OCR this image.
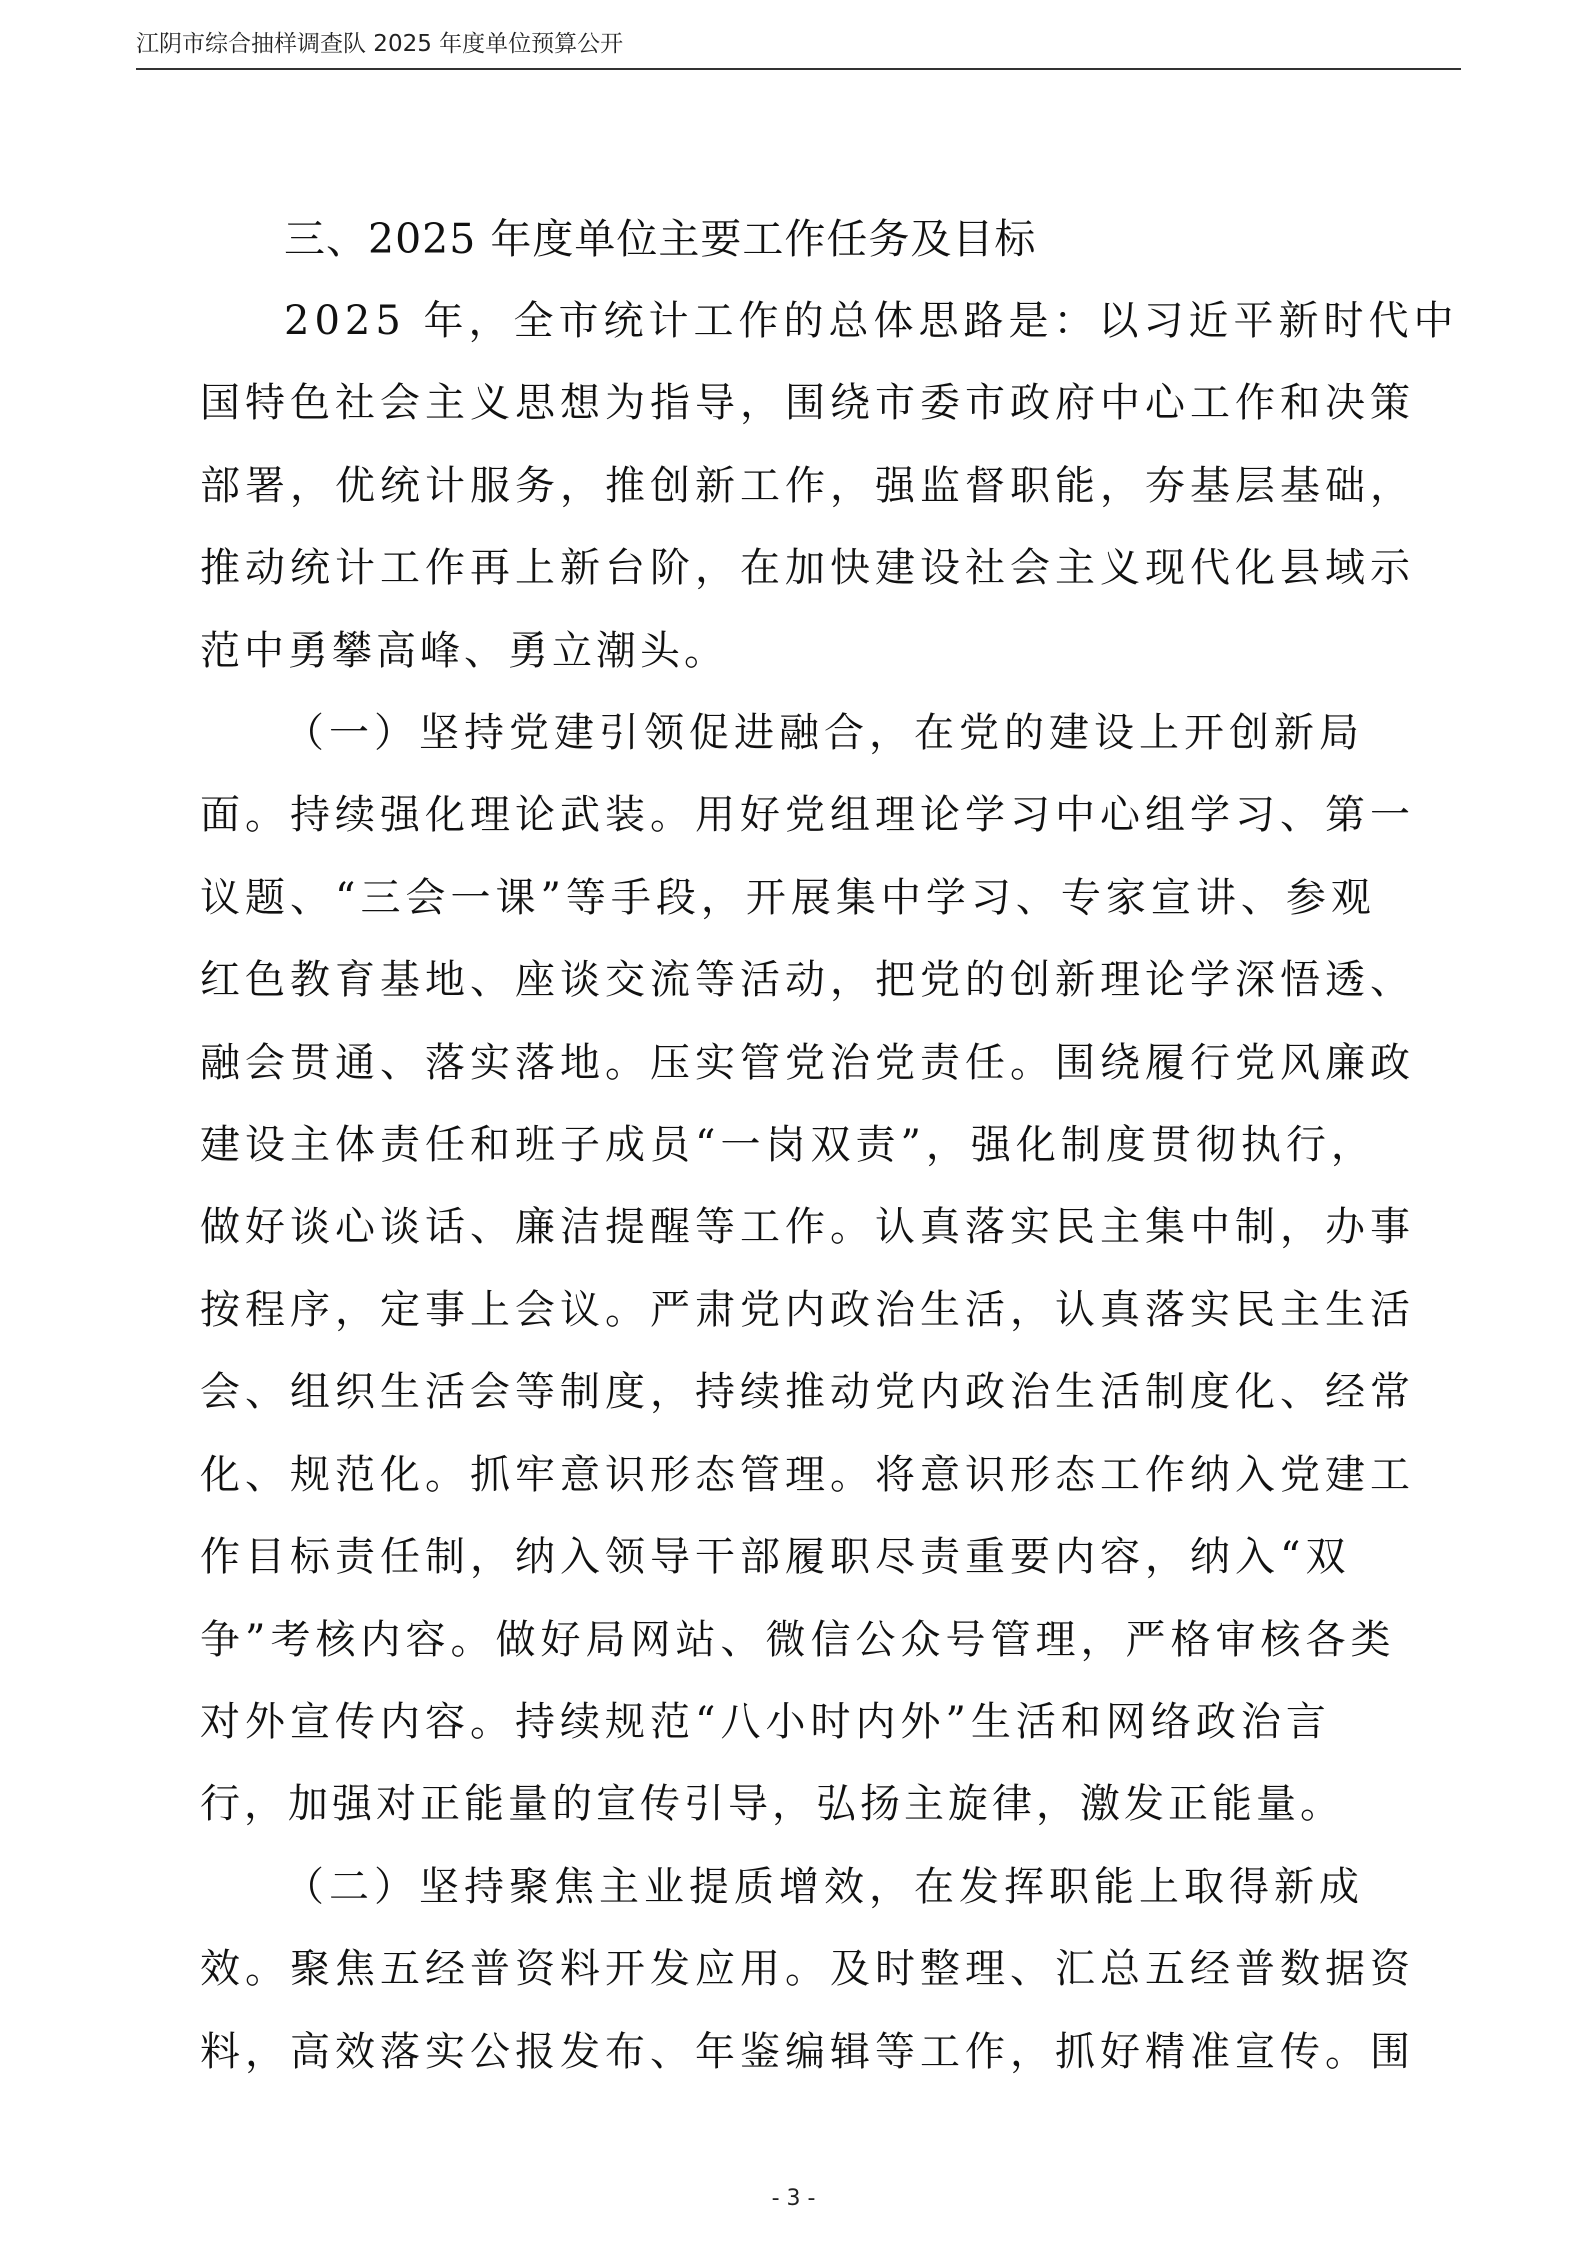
江阴市综合抽样调查队 2025 年度单位预算公开
三、2025 年度单位主要工作任务及目标
2025 年，全市统计工作的总体思路是：以习近平新时代中
国特色社会主义思想为指导，围绕市委市政府中心工作和决策
部署，优统计服务，推创新工作，强监督职能，夯基层基础，
推动统计工作再上新台阶，在加快建设社会主义现代化县域示
范中勇攀高峰、勇立潮头。
（一）坚持党建引领促进融合，在党的建设上开创新局
面。持续强化理论武装。用好党组理论学习中心组学习、第一
议题、“三会一课”等手段，开展集中学习、专家宣讲、参观
红色教育基地、座谈交流等活动，把党的创新理论学深悟透、
融会贯通、落实落地。压实管党治党责任。围绕履行党风廉政
建设主体责任和班子成员“一岗双责”，强化制度贯彻执行，
做好谈心谈话、廉洁提醒等工作。认真落实民主集中制，办事
按程序，定事上会议。严肃党内政治生活，认真落实民主生活
会、组织生活会等制度，持续推动党内政治生活制度化、经常
化、规范化。抓牢意识形态管理。将意识形态工作纳入党建工
作目标责任制，纳入领导干部履职尽责重要内容，纳入“双
争”考核内容。做好局网站、微信公众号管理，严格审核各类
对外宣传内容。持续规范“八小时内外”生活和网络政治言
行，加强对正能量的宣传引导，弘扬主旋律，激发正能量。
（二）坚持聚焦主业提质增效，在发挥职能上取得新成
效。聚焦五经普资料开发应用。及时整理、汇总五经普数据资
料，高效落实公报发布、年鉴编辑等工作，抓好精准宣传。围
- 3 -
